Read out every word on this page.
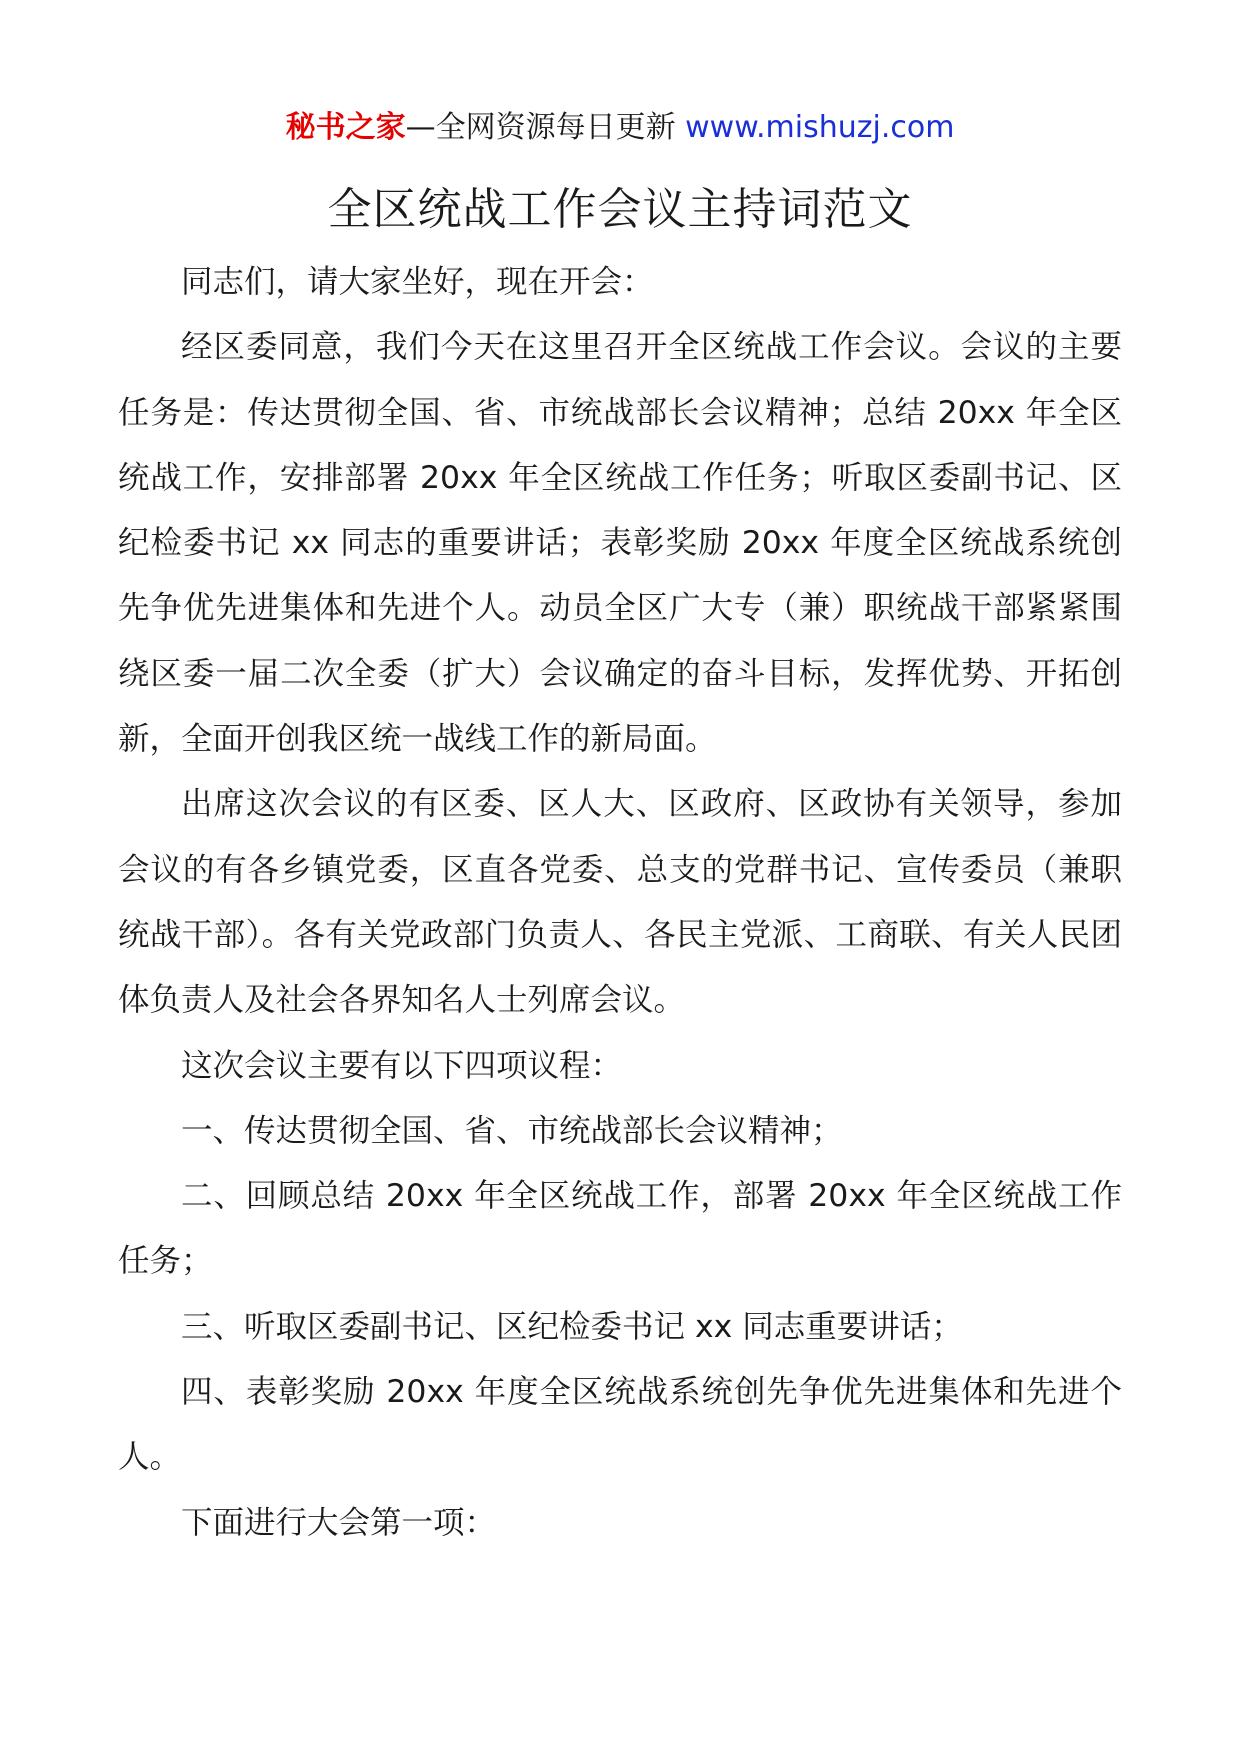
秘书之家—全网资源每日更新 www.mishuzj.com
全区统战工作会议主持词范文

同志们，请大家坐好，现在开会：

经区委同意，我们今天在这里召开全区统战工作会议。会议的主要任务是：传达贯彻全国、省、市统战部长会议精神；总结 20xx 年全区统战工作，安排部署 20xx 年全区统战工作任务；听取区委副书记、区纪检委书记 xx 同志的重要讲话；表彰奖励 20xx 年度全区统战系统创先争优先进集体和先进个人。动员全区广大专（兼）职统战干部紧紧围绕区委一届二次全委（扩大）会议确定的奋斗目标，发挥优势、开拓创新，全面开创我区统一战线工作的新局面。

出席这次会议的有区委、区人大、区政府、区政协有关领导，参加会议的有各乡镇党委，区直各党委、总支的党群书记、宣传委员（兼职统战干部）。各有关党政部门负责人、各民主党派、工商联、有关人民团体负责人及社会各界知名人士列席会议。

这次会议主要有以下四项议程：

一、传达贯彻全国、省、市统战部长会议精神；

二、回顾总结 20xx 年全区统战工作，部署 20xx 年全区统战工作任务；

三、听取区委副书记、区纪检委书记 xx 同志重要讲话；

四、表彰奖励 20xx 年度全区统战系统创先争优先进集体和先进个人。

下面进行大会第一项：
